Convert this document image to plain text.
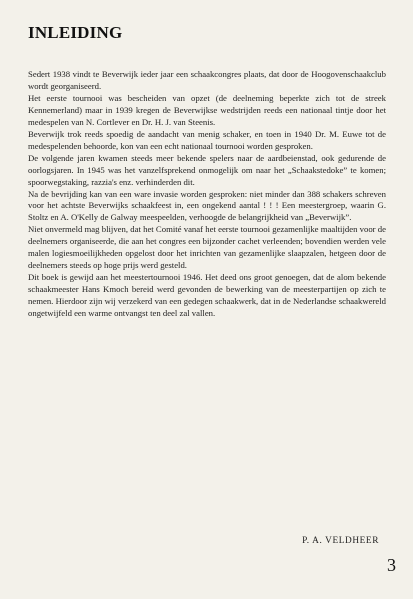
INLEIDING

Sedert 1938 vindt te Beverwijk ieder jaar een schaakcongres plaats, dat door de Hoogovenschaakclub wordt georganiseerd.

Het eerste tournooi was bescheiden van opzet (de deelneming beperkte zich tot de streek Kennemerland) maar in 1939 kregen de Beverwijkse wedstrijden reeds een nationaal tintje door het medespelen van N. Cortlever en Dr. H. J. van Steenis.

Beverwijk trok reeds spoedig de aandacht van menig schaker, en toen in 1940 Dr. M. Euwe tot de medespelenden behoorde, kon van een echt nationaal tournooi worden gesproken.

De volgende jaren kwamen steeds meer bekende spelers naar de aardbeienstad, ook gedurende de oorlogsjaren. In 1945 was het vanzelfsprekend onmogelijk om naar het „Schaakstedoke” te komen; spoorwegstaking, razzia's enz. verhinderden dit.

Na de bevrijding kan van een ware invasie worden gesproken: niet minder dan 388 schakers schreven voor het achtste Beverwijks schaakfeest in, een ongekend aantal ! ! ! Een meestergroep, waarin G. Stoltz en A. O'Kelly de Galway meespeelden, verhoogde de belangrijkheid van „Beverwijk”.

Niet onvermeld mag blijven, dat het Comité vanaf het eerste tournooi gezamenlijke maaltijden voor de deelnemers organiseerde, die aan het congres een bijzonder cachet verleenden; bovendien werden vele malen logiesmoeilijkheden opgelost door het inrichten van gezamenlijke slaapzalen, hetgeen door de deelnemers steeds op hoge prijs werd gesteld.

Dit boek is gewijd aan het meestertournooi 1946. Het deed ons groot genoegen, dat de alom bekende schaakmeester Hans Kmoch bereid werd gevonden de bewerking van de meesterpartijen op zich te nemen. Hierdoor zijn wij verzekerd van een gedegen schaakwerk, dat in de Nederlandse schaakwereld ongetwijfeld een warme ontvangst ten deel zal vallen.

P. A. VELDHEER
3
